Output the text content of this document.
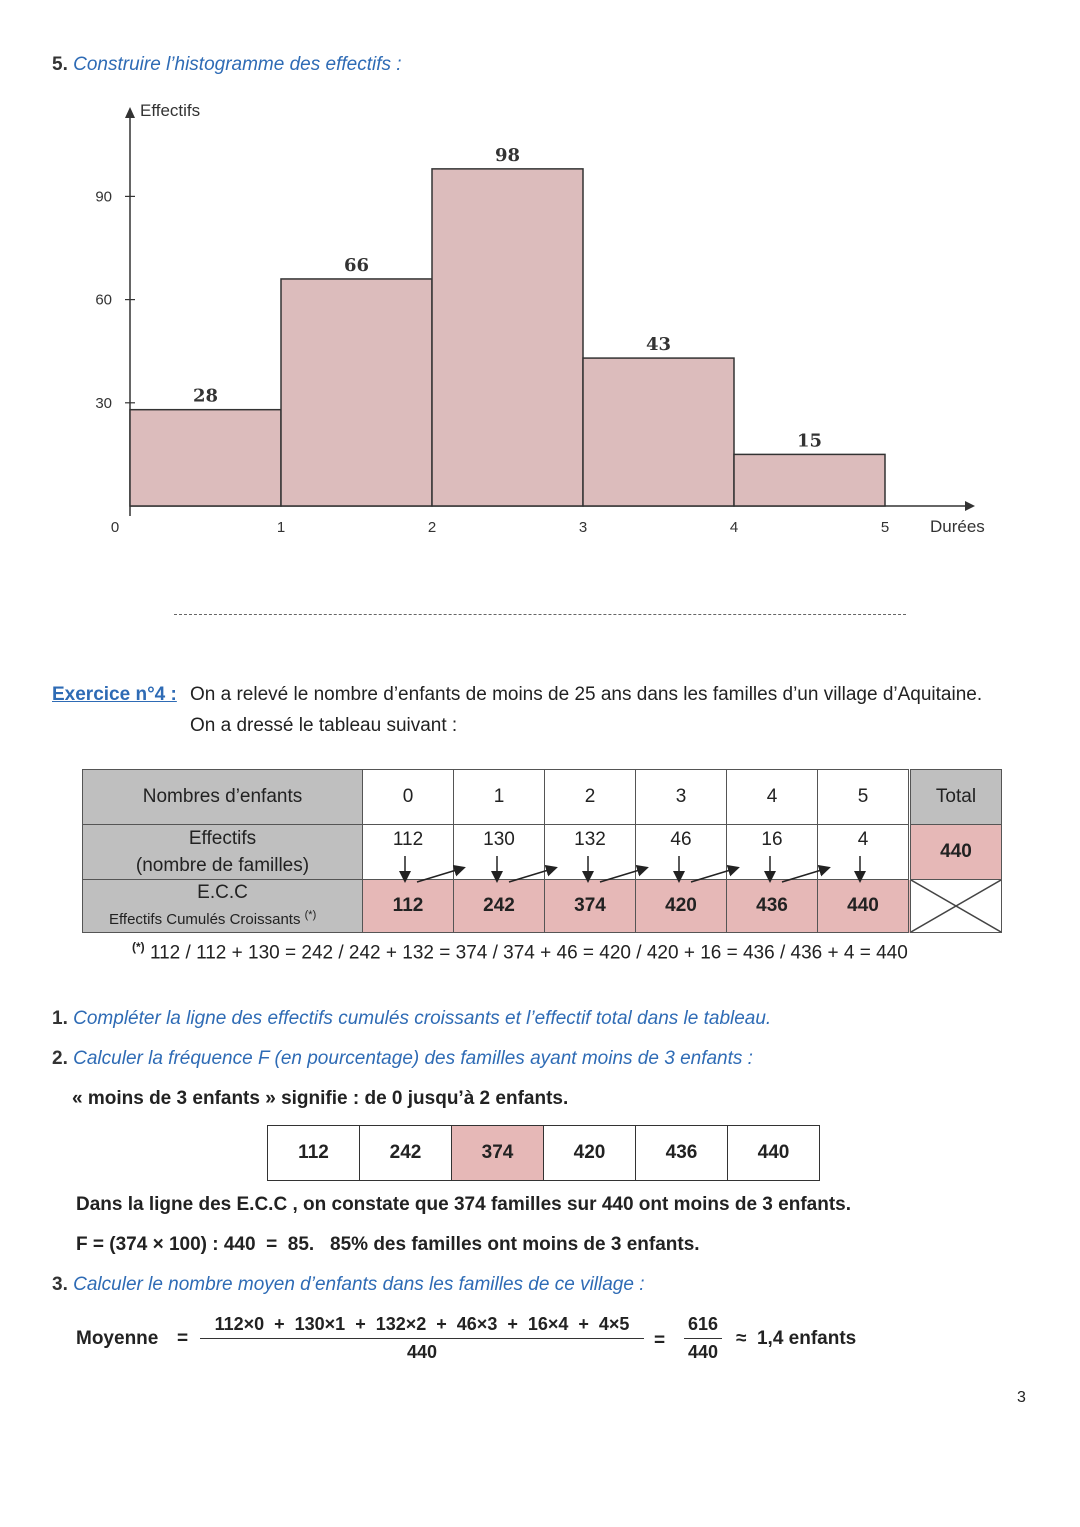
5. Construire l’histogramme des effectifs :
28
66
98
43
15
0	1	2	3	4	5
30
60
90
Effectifs
Durées
Exercice n°4 : On a relevé le nombre d’enfants de moins de 25 ans dans les familles d’un village d’Aquitaine.
On a dressé le tableau suivant :
Nombres d’enfants	0	1	2	3	4	5	Total

Effectifs
(nombre de familles)	112	130	132	46	16	4	440

E.C.C
Effectifs Cumulés Croissants (*)	112	242	374	420	436	440	
(*) 112 / 112 + 130 = 242 / 242 + 132 = 374 / 374 + 46 = 420 / 420 + 16 = 436 / 436 + 4 = 440
1. Compléter la ligne des effectifs cumulés croissants et l’effectif total dans le tableau.
2. Calculer la fréquence F (en pourcentage) des familles ayant moins de 3 enfants :
« moins de 3 enfants » signifie : de 0 jusqu’à 2 enfants.
112	242	374	420	436	440
Dans la ligne des E.C.C , on constate que 374 familles sur 440 ont moins de 3 enfants.
F = (374 × 100) : 440  =  85.   85% des familles ont moins de 3 enfants.
3. Calculer le nombre moyen d’enfants dans les familles de ce village :
Moyenne =
112×0  +  130×1  +  132×2  +  46×3  +  16×4  +  4×5
440
=
616
440
≈  1,4 enfants
3
